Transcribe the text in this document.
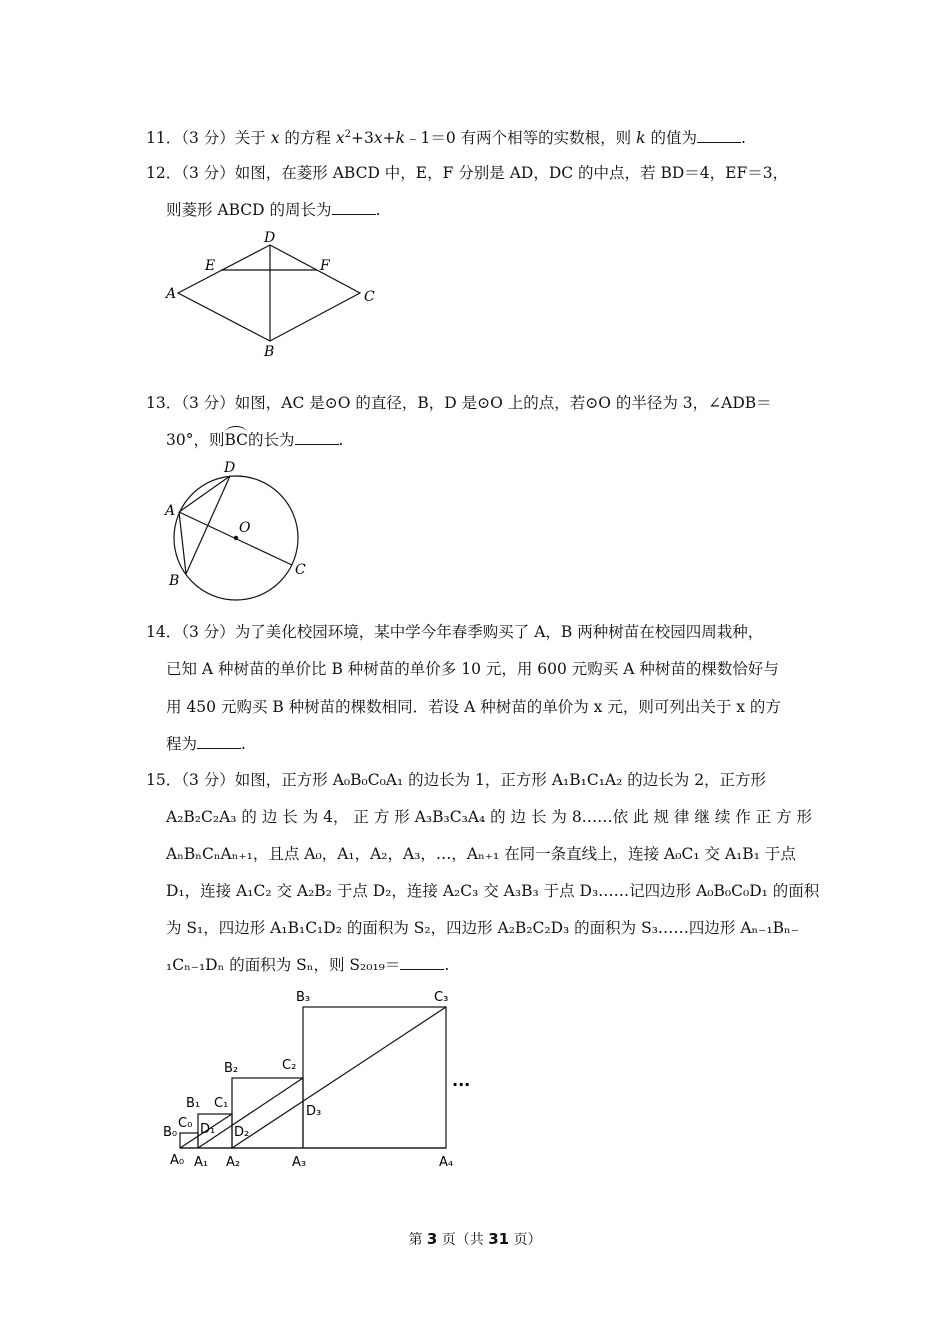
11．（3 分）关于 x 的方程 $x^2+3x+k﹣1=0$ 有两个相等的实数根，则 k 的值为	.
12．（3 分）如图，在菱形 ABCD 中，E，F 分别是 AD，DC 的中点，若 BD＝4，EF＝3，
则菱形 ABCD 的周长为	.
D
E	F
A	C
B
13．（3 分）如图，AC 是⊙O 的直径，B，D 是⊙O 上的点，若⊙O 的半径为 3，∠ADB＝
30°，则BC的长为	.
D
A
O
C
B
14．（3 分）为了美化校园环境，某中学今年春季购买了 A，B 两种树苗在校园四周栽种，
已知 A 种树苗的单价比 B 种树苗的单价多 10 元，用 600 元购买 A 种树苗的棵数恰好与
用 450 元购买 B 种树苗的棵数相同．若设 A 种树苗的单价为 x 元，则可列出关于 x 的方
程为	.
15．（3 分）如图，正方形 A₀B₀C₀A₁ 的边长为 1，正方形 A₁B₁C₁A₂ 的边长为 2，正方形
A₂B₂C₂A₃ 的 边 长 为 4， 正 方 形 A₃B₃C₃A₄ 的 边 长 为 8……依 此 规 律 继 续 作 正 方 形
AₙBₙCₙAₙ₊₁，且点 A₀，A₁，A₂，A₃，…，Aₙ₊₁ 在同一条直线上，连接 A₀C₁ 交 A₁B₁ 于点
D₁，连接 A₁C₂ 交 A₂B₂ 于点 D₂，连接 A₂C₃ 交 A₃B₃ 于点 D₃……记四边形 A₀B₀C₀D₁ 的面积
为 S₁，四边形 A₁B₁C₁D₂ 的面积为 S₂，四边形 A₂B₂C₂D₃ 的面积为 S₃……四边形 Aₙ₋₁Bₙ₋
₁Cₙ₋₁Dₙ 的面积为 Sₙ，则 S₂₀₁₉＝	.
B₃	C₃
B₂	C₂
B₁ C₁
C₀
B₀ D₁ D₂
D₃
A₀ A₁ A₂	A₃	A₄
···
第 3 页（共 31 页）
